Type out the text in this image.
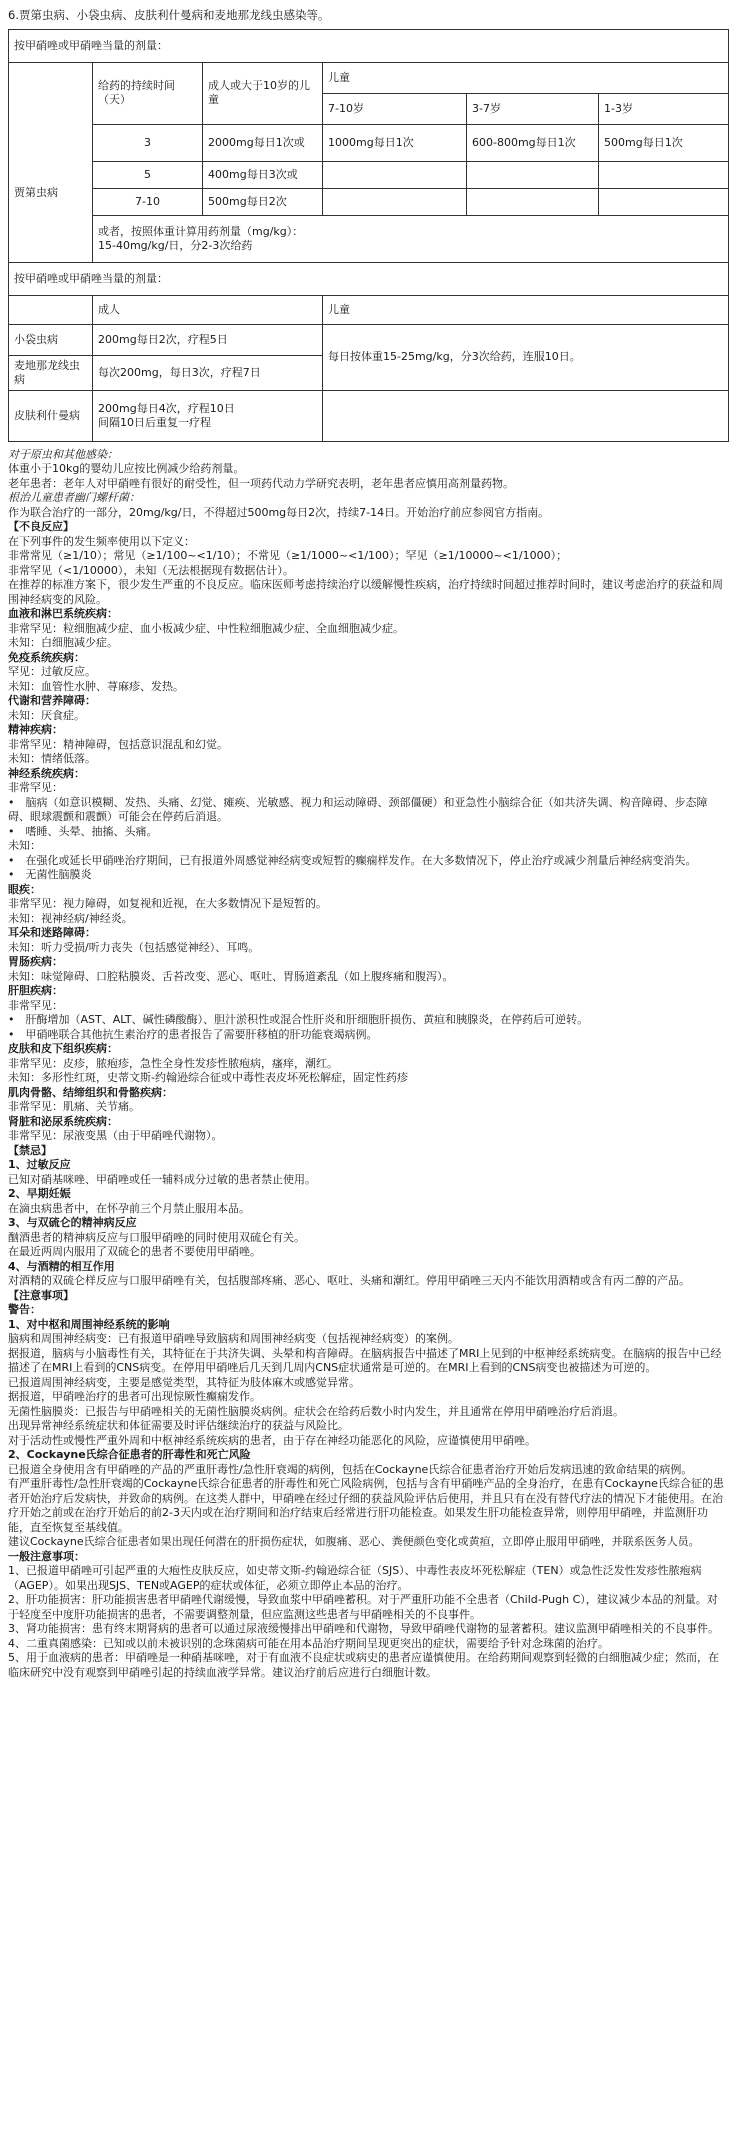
6.贾第虫病、小袋虫病、皮肤利什曼病和麦地那龙线虫感染等。

按甲硝唑或甲硝唑当量的剂量：					
	给药的持续时间（天）	成人或大于10岁的儿童	儿童		
			7-10岁	3-7岁	1-3岁
贾第虫病	3	2000mg每日1次或	1000mg每日1次	600-800mg每日1次	500mg每日1次
	5	400mg每日3次或			
	7-10	500mg每日2次			

	或者，按照体重计算用药剂量（mg/kg）：
15-40mg/kg/日，分2-3次给药				

按甲硝唑或甲硝唑当量的剂量：					
	成人		儿童		
小袋虫病	200mg每日2次，疗程5日		每日按体重15-25mg/kg，分3次给药，连服10日。		
麦地那龙线虫病	每次200mg，每日3次，疗程7日				
皮肤利什曼病	200mg每日4次，疗程10日
间隔10日后重复一疗程				

对于原虫和其他感染：

体重小于10kg的婴幼儿应按比例减少给药剂量。

老年患者：老年人对甲硝唑有很好的耐受性，但一项药代动力学研究表明，老年患者应慎用高剂量药物。

根治儿童患者幽门螺杆菌：

作为联合治疗的一部分，20mg/kg/日，不得超过500mg每日2次，持续7-14日。开始治疗前应参阅官方指南。

【不良反应】

在下列事件的发生频率使用以下定义：

非常常见（≥1/10）；常见（≥1/100~<1/10）；不常见（≥1/1000~<1/100）；罕见（≥1/10000~<1/1000）；

非常罕见（<1/10000），未知（无法根据现有数据估计）。

在推荐的标准方案下，很少发生严重的不良反应。临床医师考虑持续治疗以缓解慢性疾病，治疗持续时间超过推荐时间时，建议考虑治疗的获益和周围神经病变的风险。

血液和淋巴系统疾病：

非常罕见：粒细胞减少症、血小板减少症、中性粒细胞减少症、全血细胞减少症。

未知：白细胞减少症。

免疫系统疾病：

罕见：过敏反应。

未知：血管性水肿、荨麻疹、发热。

代谢和营养障碍：

未知：厌食症。

精神疾病：

非常罕见：精神障碍，包括意识混乱和幻觉。

未知：情绪低落。

神经系统疾病：

非常罕见：

•　脑病（如意识模糊、发热、头痛、幻觉、瘫痪、光敏感、视力和运动障碍、颈部僵硬）和亚急性小脑综合征（如共济失调、构音障碍、步态障碍、眼球震颤和震颤）可能会在停药后消退。

•　嗜睡、头晕、抽搐、头痛。

未知：

•　在强化或延长甲硝唑治疗期间，已有报道外周感觉神经病变或短暂的癫痫样发作。在大多数情况下，停止治疗或减少剂量后神经病变消失。

•　无菌性脑膜炎

眼疾：

非常罕见：视力障碍，如复视和近视，在大多数情况下是短暂的。

未知：视神经病/神经炎。

耳朵和迷路障碍：

未知：听力受损/听力丧失（包括感觉神经）、耳鸣。

胃肠疾病：

未知：味觉障碍、口腔粘膜炎、舌苔改变、恶心、呕吐、胃肠道紊乱（如上腹疼痛和腹泻）。

肝胆疾病：

非常罕见：

•　肝酶增加（AST、ALT、碱性磷酸酶）、胆汁淤积性或混合性肝炎和肝细胞肝损伤、黄疸和胰腺炎，在停药后可逆转。

•　甲硝唑联合其他抗生素治疗的患者报告了需要肝移植的肝功能衰竭病例。

皮肤和皮下组织疾病：

非常罕见：皮疹，脓疱疹，急性全身性发疹性脓疱病，瘙痒，潮红。

未知：多形性红斑，史蒂文斯-约翰逊综合征或中毒性表皮坏死松解症，固定性药疹

肌肉骨骼、结缔组织和骨骼疾病：

非常罕见：肌痛、关节痛。

肾脏和泌尿系统疾病：

非常罕见：尿液变黑（由于甲硝唑代谢物）。

【禁忌】

1、过敏反应

已知对硝基咪唑、甲硝唑或任一辅料成分过敏的患者禁止使用。

2、早期妊娠

在滴虫病患者中，在怀孕前三个月禁止服用本品。

3、与双硫仑的精神病反应

酗酒患者的精神病反应与口服甲硝唑的同时使用双硫仑有关。

在最近两周内服用了双硫仑的患者不要使用甲硝唑。

4、与酒精的相互作用

对酒精的双硫仑样反应与口服甲硝唑有关，包括腹部疼痛、恶心、呕吐、头痛和潮红。停用甲硝唑三天内不能饮用酒精或含有丙二醇的产品。

【注意事项】

警告：

1、对中枢和周围神经系统的影响

脑病和周围神经病变：已有报道甲硝唑导致脑病和周围神经病变（包括视神经病变）的案例。

据报道，脑病与小脑毒性有关，其特征在于共济失调、头晕和构音障碍。在脑病报告中描述了MRI上见到的中枢神经系统病变。在脑病的报告中已经描述了在MRI上看到的CNS病变。在停用甲硝唑后几天到几周内CNS症状通常是可逆的。在MRI上看到的CNS病变也被描述为可逆的。

已报道周围神经病变，主要是感觉类型，其特征为肢体麻木或感觉异常。

据报道，甲硝唑治疗的患者可出现惊厥性癫痫发作。

无菌性脑膜炎：已报告与甲硝唑相关的无菌性脑膜炎病例。症状会在给药后数小时内发生，并且通常在停用甲硝唑治疗后消退。

出现异常神经系统症状和体征需要及时评估继续治疗的获益与风险比。

对于活动性或慢性严重外周和中枢神经系统疾病的患者，由于存在神经功能恶化的风险，应谨慎使用甲硝唑。

2、Cockayne氏综合征患者的肝毒性和死亡风险

已报道全身使用含有甲硝唑的产品的严重肝毒性/急性肝衰竭的病例，包括在Cockayne氏综合征患者治疗开始后发病迅速的致命结果的病例。

有严重肝毒性/急性肝衰竭的Cockayne氏综合征患者的肝毒性和死亡风险病例，包括与含有甲硝唑产品的全身治疗，在患有Cockayne氏综合征的患者开始治疗后发病快，并致命的病例。在这类人群中，甲硝唑在经过仔细的获益风险评估后使用，并且只有在没有替代疗法的情况下才能使用。在治疗开始之前或在治疗开始后的前2-3天内或在治疗期间和治疗结束后经常进行肝功能检查。如果发生肝功能检查异常，则停用甲硝唑，并监测肝功能，直至恢复至基线值。

建议Cockayne氏综合征患者如果出现任何潜在的肝损伤症状，如腹痛、恶心、粪便颜色变化或黄疸，立即停止服用甲硝唑，并联系医务人员。

一般注意事项：

1、已报道甲硝唑可引起严重的大疱性皮肤反应，如史蒂文斯-约翰逊综合征（SJS）、中毒性表皮坏死松解症（TEN）或急性泛发性发疹性脓疱病（AGEP）。如果出现SJS、TEN或AGEP的症状或体征，必须立即停止本品的治疗。

2、肝功能损害：肝功能损害患者甲硝唑代谢缓慢，导致血浆中甲硝唑蓄积。对于严重肝功能不全患者（Child-Pugh C），建议减少本品的剂量。对于轻度至中度肝功能损害的患者，不需要调整剂量，但应监测这些患者与甲硝唑相关的不良事件。

3、肾功能损害：患有终末期肾病的患者可以通过尿液缓慢排出甲硝唑和代谢物，导致甲硝唑代谢物的显著蓄积。建议监测甲硝唑相关的不良事件。

4、二重真菌感染：已知或以前未被识别的念珠菌病可能在用本品治疗期间呈现更突出的症状，需要给予针对念珠菌的治疗。

5、用于血液病的患者：甲硝唑是一种硝基咪唑，对于有血液不良症状或病史的患者应谨慎使用。在给药期间观察到轻微的白细胞减少症；然而，在临床研究中没有观察到甲硝唑引起的持续血液学异常。建议治疗前后应进行白细胞计数。
